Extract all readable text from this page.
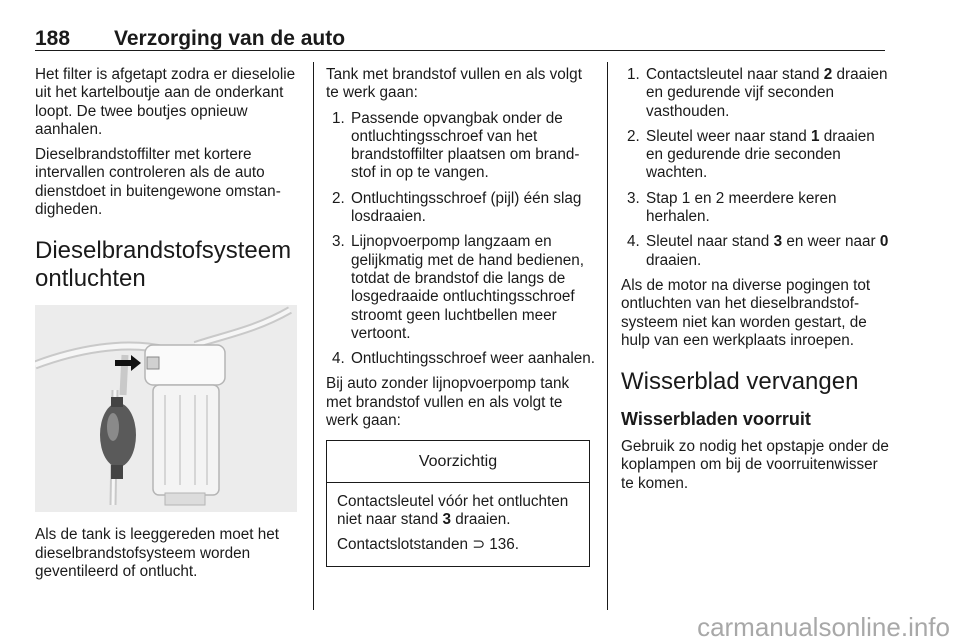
188 Verzorging van de auto

Het filter is afgetapt zodra er dieselolie uit het kartelboutje aan de onderkant loopt. De twee boutjes opnieuw aanhalen.

Dieselbrandstoffilter met kortere intervallen controleren als de auto dienstdoet in buitengewone omstandigheden.

Dieselbrandstofsysteem ontluchten

Als de tank is leeggereden moet het dieselbrandstofsysteem worden geventileerd of ontlucht.

Tank met brandstof vullen en als volgt te werk gaan:

1. Passende opvangbak onder de ontluchtingsschroef van het brandstoffilter plaatsen om brandstof in op te vangen.
2. Ontluchtingsschroef (pijl) één slag losdraaien.
3. Lijnopvoerpomp langzaam en gelijkmatig met de hand bedienen, totdat de brandstof die langs de losgedraaide ontluchtingsschroef stroomt geen luchtbellen meer vertoont.
4. Ontluchtingsschroef weer aanhalen.

Bij auto zonder lijnopvoerpomp tank met brandstof vullen en als volgt te werk gaan:

Voorzichtig

Contactsleutel vóór het ontluchten niet naar stand 3 draaien.

Contactslotstanden ⊃ 136.

1. Contactsleutel naar stand 2 draaien en gedurende vijf seconden vasthouden.
2. Sleutel weer naar stand 1 draaien en gedurende drie seconden wachten.
3. Stap 1 en 2 meerdere keren herhalen.
4. Sleutel naar stand 3 en weer naar 0 draaien.

Als de motor na diverse pogingen tot ontluchten van het dieselbrandstofsysteem niet kan worden gestart, de hulp van een werkplaats inroepen.

Wisserblad vervangen
Wisserbladen voorruit

Gebruik zo nodig het opstapje onder de koplampen om bij de voorruitenwisser te komen.

carmanualsonline.info
